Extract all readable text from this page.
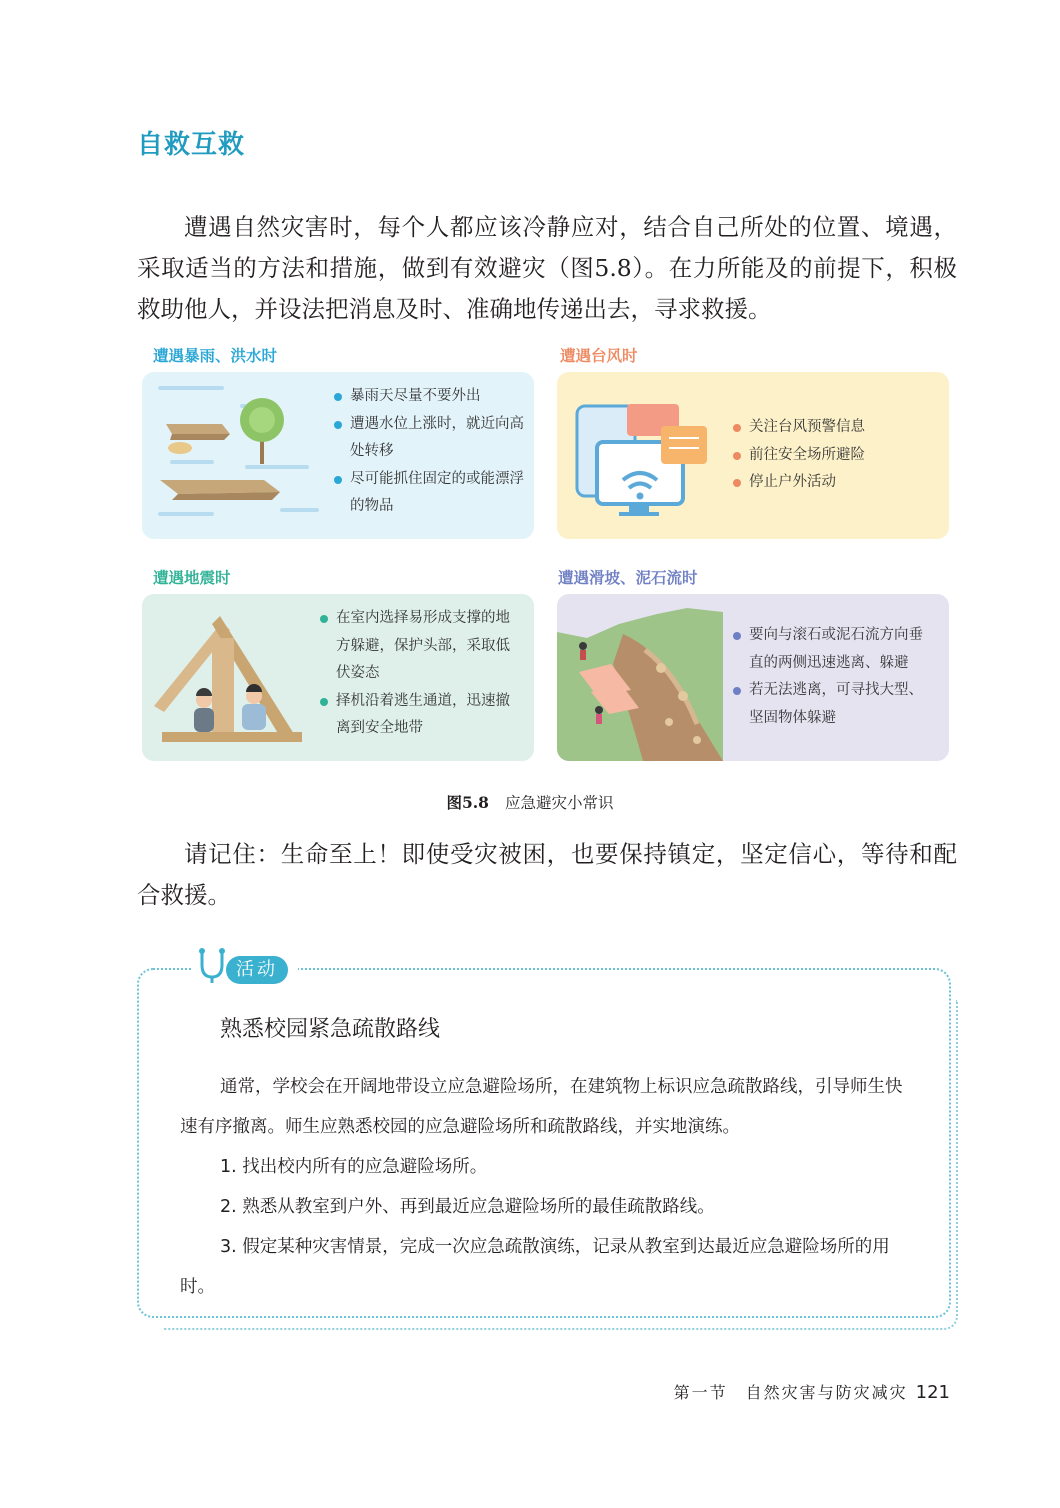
自救互救

遭遇自然灾害时，每个人都应该冷静应对，结合自己所处的位置、境遇，采取适当的方法和措施，做到有效避灾（图5.8）。在力所能及的前提下，积极救助他人，并设法把消息及时、准确地传递出去，寻求救援。

遭遇暴雨、洪水时
暴雨天尽量不要外出
遭遇水位上涨时，就近向高处转移
尽可能抓住固定的或能漂浮的物品
遭遇台风时
关注台风预警信息
前往安全场所避险
停止户外活动
遭遇地震时
在室内选择易形成支撑的地方躲避，保护头部，采取低伏姿态
择机沿着逃生通道，迅速撤离到安全地带
遭遇滑坡、泥石流时
要向与滚石或泥石流方向垂直的两侧迅速逃离、躲避
若无法逃离，可寻找大型、坚固物体躲避
图5.8 应急避灾小常识

请记住：生命至上！即使受灾被困，也要保持镇定，坚定信心，等待和配合救援。

活动
熟悉校园紧急疏散路线

通常，学校会在开阔地带设立应急避险场所，在建筑物上标识应急疏散路线，引导师生快速有序撤离。师生应熟悉校园的应急避险场所和疏散路线，并实地演练。

1. 找出校内所有的应急避险场所。

2. 熟悉从教室到户外、再到最近应急避险场所的最佳疏散路线。

3. 假定某种灾害情景，完成一次应急疏散演练，记录从教室到达最近应急避险场所的用时。

第一节　自然灾害与防灾减灾 121
